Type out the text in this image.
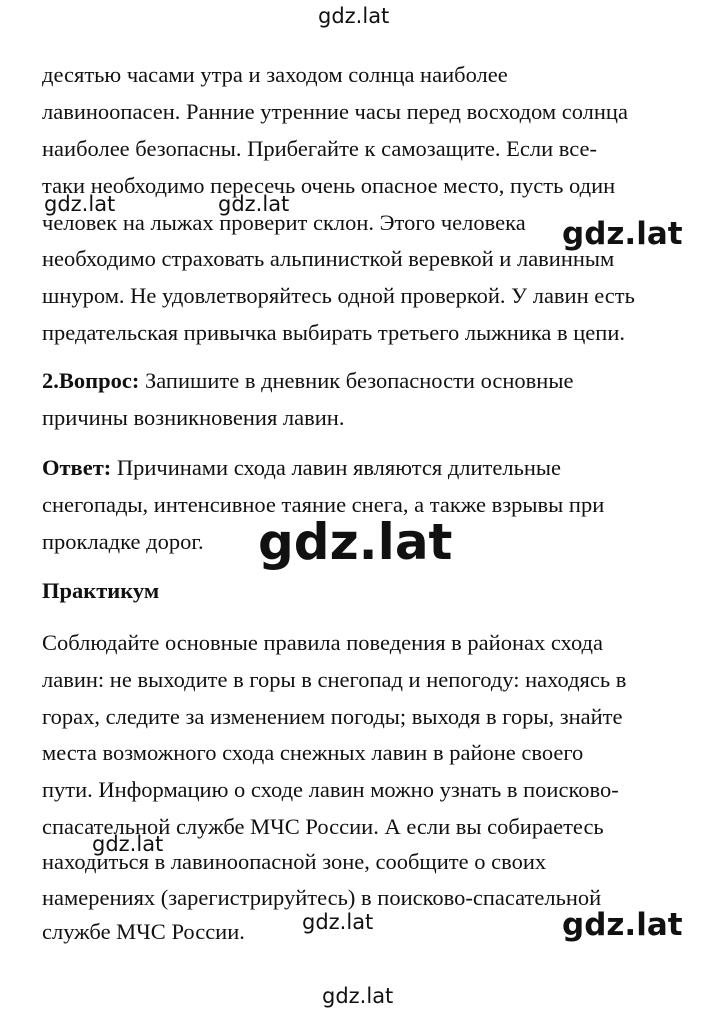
gdz.lat

десятью часами утра и заходом солнца наиболее

лавиноопасен. Ранние утренние часы перед восходом солнца

наиболее безопасны. Прибегайте к самозащите. Если все-

таки необходимо пересечь очень опасное место, пусть один

человек на лыжах проверит склон. Этого человека

необходимо страховать альпинисткой веревкой и лавинным

шнуром. Не удовлетворяйтесь одной проверкой. У лавин есть

предательская привычка выбирать третьего лыжника в цепи.

2.Вопрос: Запишите в дневник безопасности основные

причины возникновения лавин.

Ответ: Причинами схода лавин являются длительные

снегопады, интенсивное таяние снега, а также взрывы при

прокладке дорог.

Практикум

Соблюдайте основные правила поведения в районах схода

лавин: не выходите в горы в снегопад и непогоду: находясь в

горах, следите за изменением погоды; выходя в горы, знайте

места возможного схода снежных лавин в районе своего

пути. Информацию о сходе лавин можно узнать в поисково-

спасательной службе МЧС России. А если вы собираетесь

находиться в лавиноопасной зоне, сообщите о своих

намерениях (зарегистрируйтесь) в поисково-спасательной

службе МЧС России.

gdz.lat	gdz.lat
gdz.lat
gdz.lat
gdz.lat
gdz.lat	gdz.lat
gdz.lat
